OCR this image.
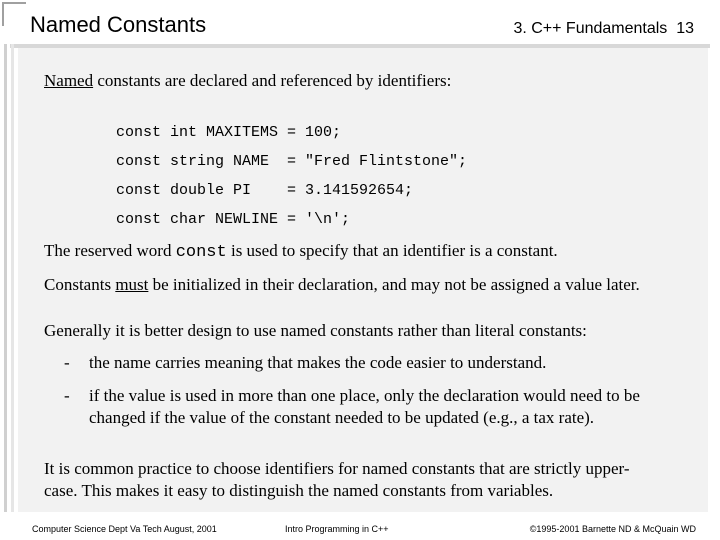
Named Constants	3. C++ Fundamentals 13
Named constants are declared and referenced by identifiers:
const int MAXITEMS = 100;
const string NAME  = "Fred Flintstone";
const double PI    = 3.141592654;
const char NEWLINE = '\n';
The reserved word const is used to specify that an identifier is a constant.
Constants must be initialized in their declaration, and may not be assigned a value later.
Generally it is better design to use named constants rather than literal constants:
-	the name carries meaning that makes the code easier to understand.
-	if the value is used in more than one place, only the declaration would need to be changed if the value of the constant needed to be updated (e.g., a tax rate).
It is common practice to choose identifiers for named constants that are strictly upper-
case. This makes it easy to distinguish the named constants from variables.
Computer Science Dept Va Tech August, 2001	Intro Programming in C++	©1995-2001 Barnette ND & McQuain WD
